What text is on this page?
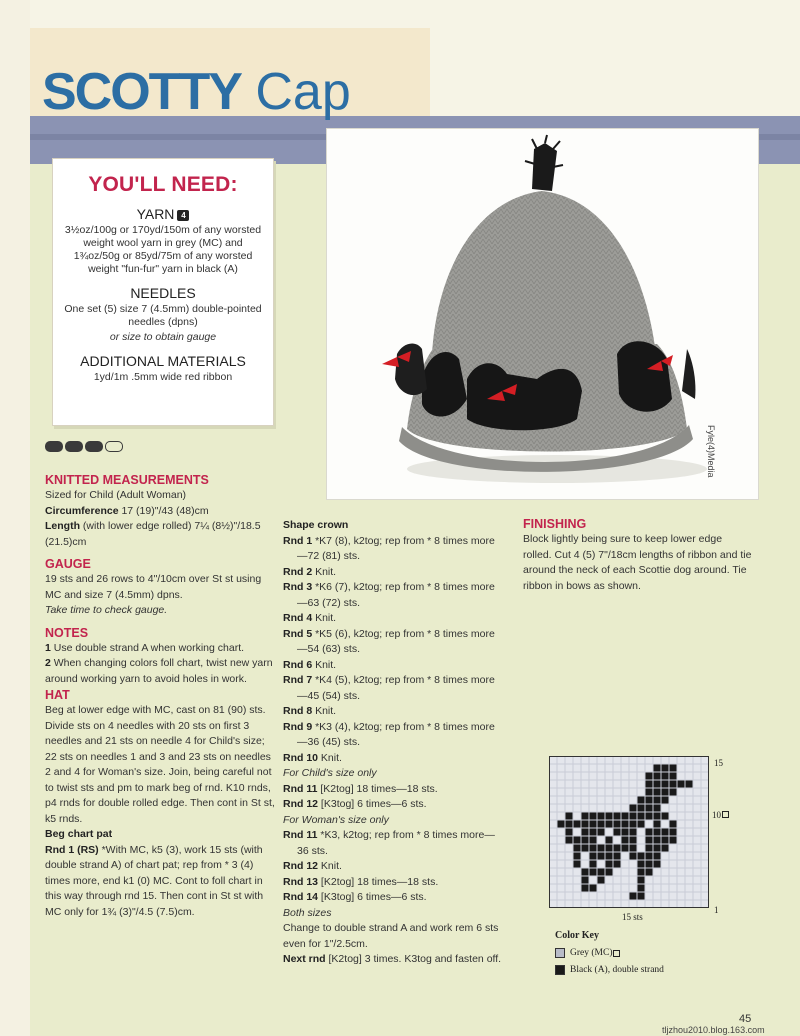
SCOTTY Cap
Fyle(4)Media
YOU'LL NEED:
YARN 4

3½oz/100g or 170yd/150m of any worsted weight wool yarn in grey (MC) and 1¾oz/50g or 85yd/75m of any worsted weight "fun-fur" yarn in black (A)

NEEDLES

One set (5) size 7 (4.5mm) double-pointed needles (dpns)

or size to obtain gauge

ADDITIONAL MATERIALS

1yd/1m .5mm wide red ribbon

KNITTED MEASUREMENTS

Sized for Child (Adult Woman)

Circumference 17 (19)"/43 (48)cm

Length (with lower edge rolled) 7¼ (8½)"/18.5 (21.5)cm

GAUGE

19 sts and 26 rows to 4"/10cm over St st using MC and size 7 (4.5mm) dpns.

Take time to check gauge.

NOTES

1 Use double strand A when working chart.

2 When changing colors foll chart, twist new yarn around working yarn to avoid holes in work.

HAT

Beg at lower edge with MC, cast on 81 (90) sts. Divide sts on 4 needles with 20 sts on first 3 needles and 21 sts on needle 4 for Child's size; 22 sts on needles 1 and 3 and 23 sts on needles 2 and 4 for Woman's size. Join, being careful not to twist sts and pm to mark beg of rnd. K10 rnds, p4 rnds for double rolled edge. Then cont in St st, k5 rnds.

Beg chart pat

Rnd 1 (RS) *With MC, k5 (3), work 15 sts (with double strand A) of chart pat; rep from * 3 (4) times more, end k1 (0) MC. Cont to foll chart in this way through rnd 15. Then cont in St st with MC only for 1¾ (3)"/4.5 (7.5)cm.

Shape crown

Rnd 1 *K7 (8), k2tog; rep from * 8 times more—72 (81) sts.

Rnd 2 Knit.

Rnd 3 *K6 (7), k2tog; rep from * 8 times more—63 (72) sts.

Rnd 4 Knit.

Rnd 5 *K5 (6), k2tog; rep from * 8 times more—54 (63) sts.

Rnd 6 Knit.

Rnd 7 *K4 (5), k2tog; rep from * 8 times more—45 (54) sts.

Rnd 8 Knit.

Rnd 9 *K3 (4), k2tog; rep from * 8 times more—36 (45) sts.

Rnd 10 Knit.

For Child's size only

Rnd 11 [K2tog] 18 times—18 sts.

Rnd 12 [K3tog] 6 times—6 sts.

For Woman's size only

Rnd 11 *K3, k2tog; rep from * 8 times more—36 sts.

Rnd 12 Knit.

Rnd 13 [K2tog] 18 times—18 sts.

Rnd 14 [K3tog] 6 times—6 sts.

Both sizes

Change to double strand A and work rem 6 sts even for 1"/2.5cm.

Next rnd [K2tog] 3 times. K3tog and fasten off.

FINISHING

Block lightly being sure to keep lower edge rolled. Cut 4 (5) 7"/18cm lengths of ribbon and tie around the neck of each Scottie dog around. Tie ribbon in bows as shown.

15
10
1
15 sts
Color Key
Grey (MC)
Black (A), double strand
45
tljzhou2010.blog.163.com
